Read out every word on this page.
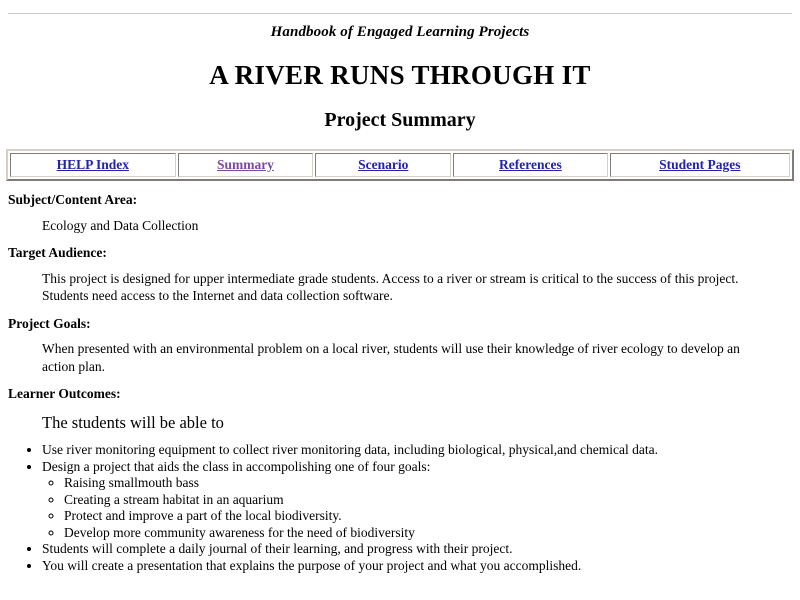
Handbook of Engaged Learning Projects
A RIVER RUNS THROUGH IT
Project Summary
HELP Index	Summary	Scenario	References	Student Pages
Subject/Content Area:
Ecology and Data Collection
Target Audience:
This project is designed for upper intermediate grade students. Access to a river or stream is critical to the success of this project. Students need access to the Internet and data collection software.
Project Goals:
When presented with an environmental problem on a local river, students will use their knowledge of river ecology to develop an action plan.
Learner Outcomes:
The students will be able to
• Use river monitoring equipment to collect river monitoring data, including biological, physical,and chemical data.
• Design a project that aids the class in accompolishing one of four goals:
◦ Raising smallmouth bass
◦ Creating a stream habitat in an aquarium
◦ Protect and improve a part of the local biodiversity.
◦ Develop more community awareness for the need of biodiversity
• Students will complete a daily journal of their learning, and progress with their project.
• You will create a presentation that explains the purpose of your project and what you accomplished.
